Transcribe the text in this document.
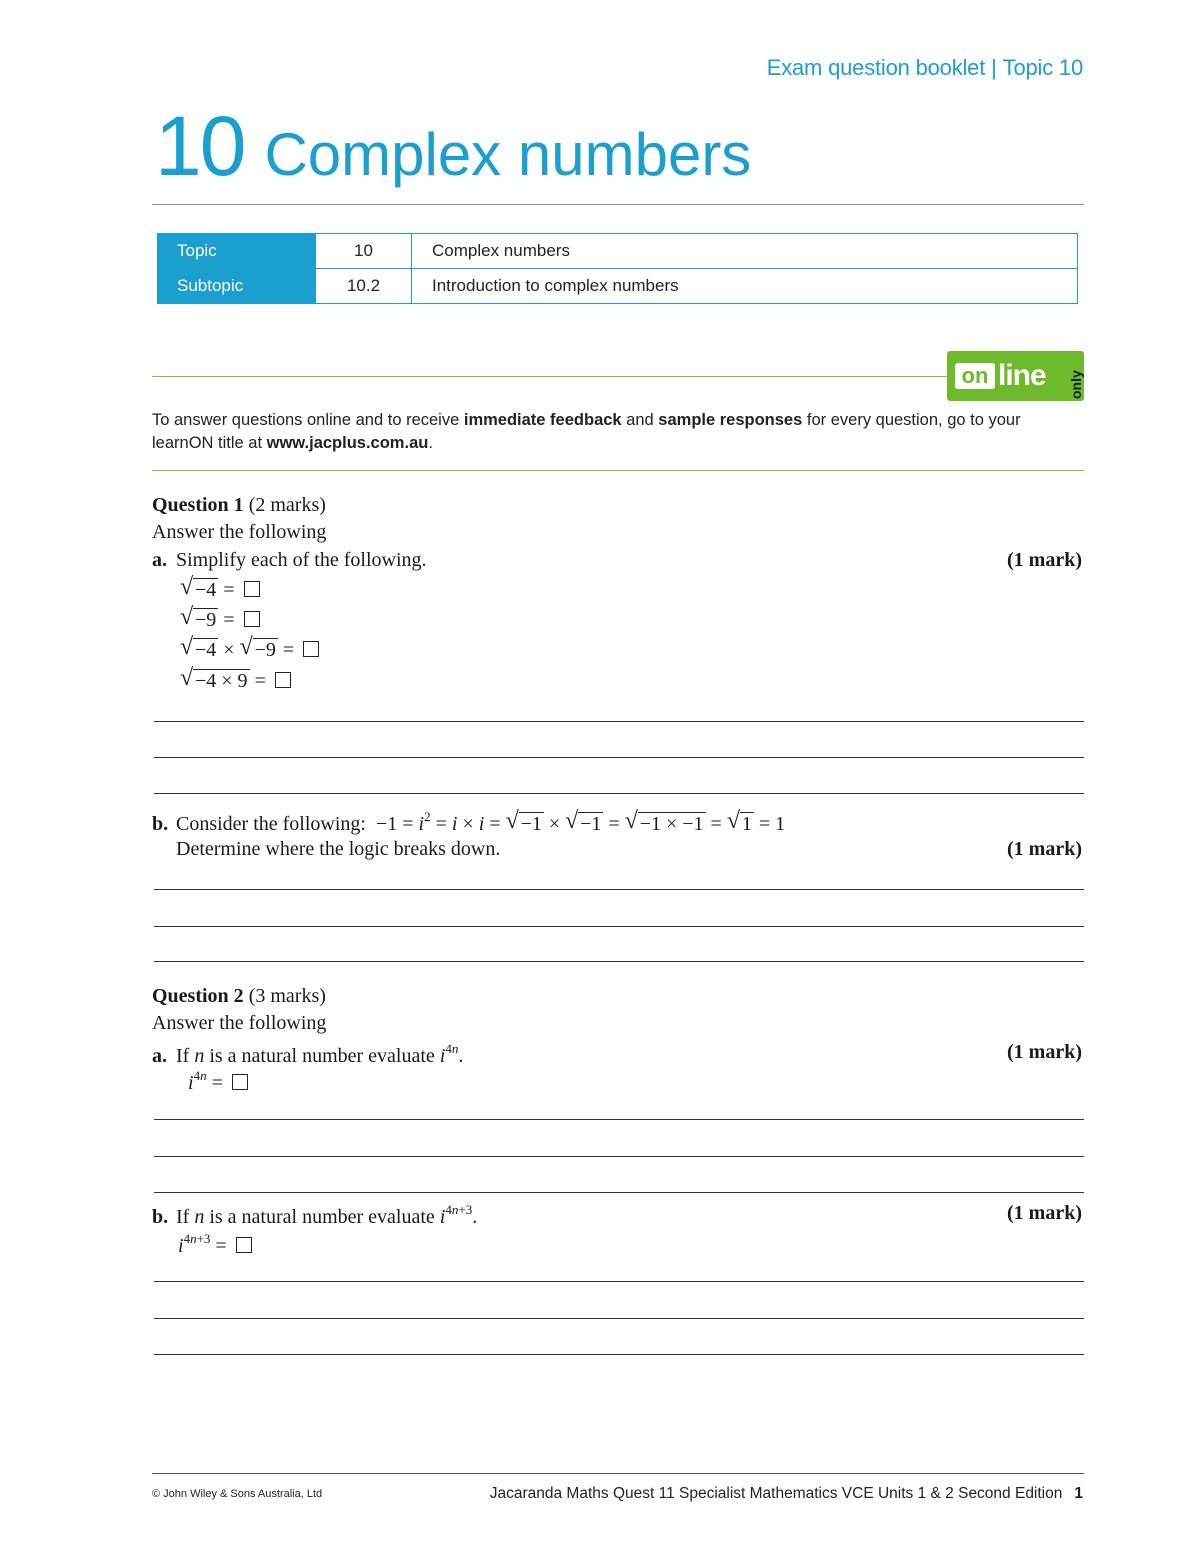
Exam question booklet | Topic 10
10 Complex numbers
Topic	10	Complex numbers
Subtopic	10.2	Introduction to complex numbers
on line only
To answer questions online and to receive immediate feedback and sample responses for every question, go to your learnON title at www.jacplus.com.au.
Question 1 (2 marks)
Answer the following
a. Simplify each of the following.	(1 mark)
√ −4 =
√ −9 =
√ −4 × √ −9 =
√ −4 × 9 =
b. Consider the following:  $-1 = i^2 = i \times i$ = √ −1 × √ −1 = √ −1 × −1 = √ 1 = 1
Determine where the logic breaks down.	(1 mark)
Question 2 (3 marks)
Answer the following
a. If n is a natural number evaluate $i^{4n}$.	(1 mark)
$i^{4n}$ =
b. If n is a natural number evaluate $i^{4n+3}$.	(1 mark)
$i^{4n+3}$ =
© John Wiley & Sons Australia, Ltd	Jacaranda Maths Quest 11 Specialist Mathematics VCE Units 1 & 2 Second Edition 1
